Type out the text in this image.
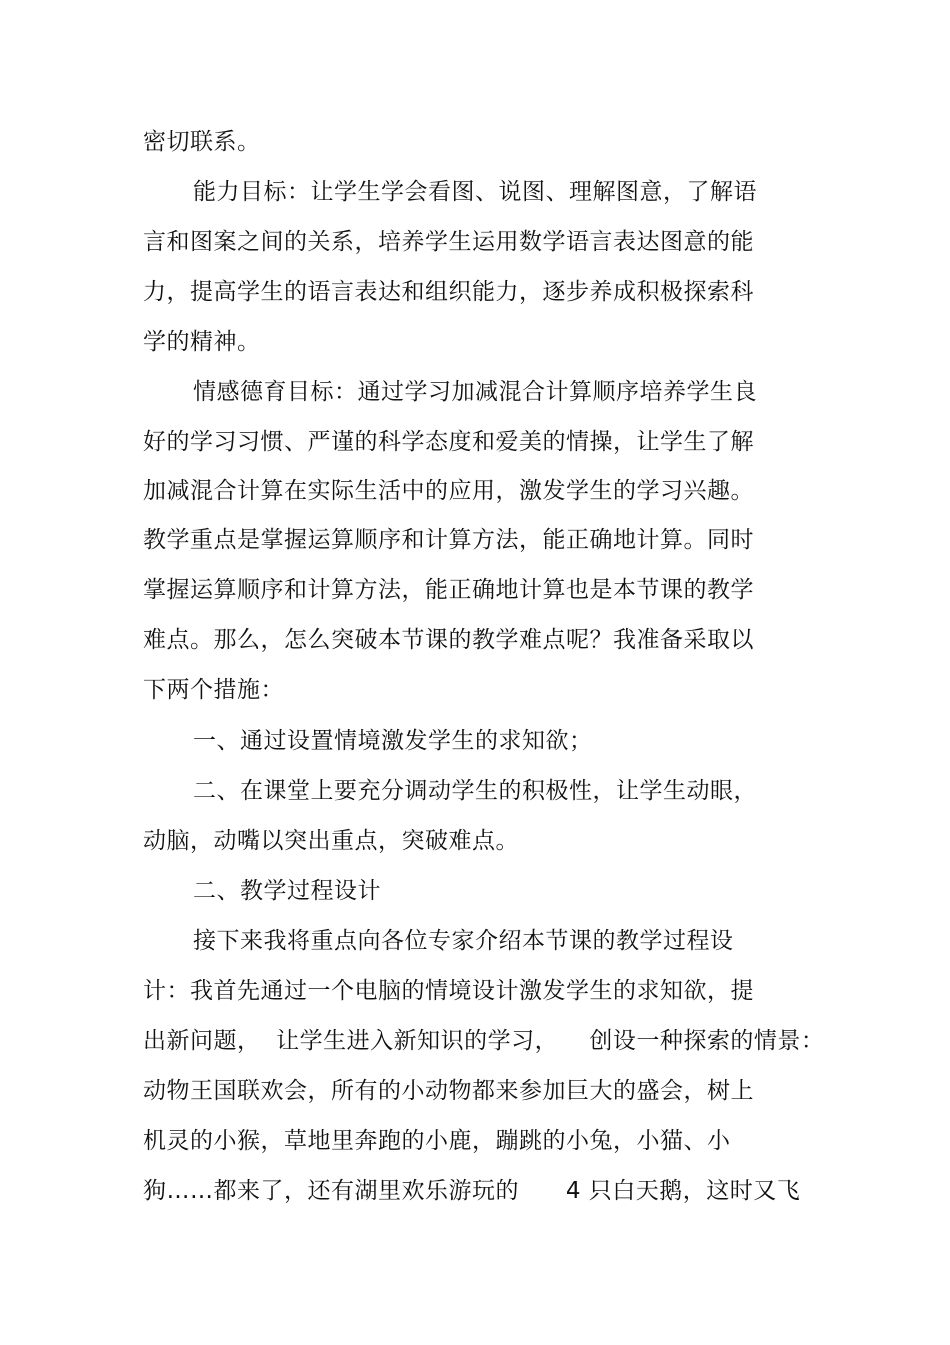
密切联系。
能力目标：让学生学会看图、说图、理解图意，了解语
言和图案之间的关系，培养学生运用数学语言表达图意的能
力，提高学生的语言表达和组织能力，逐步养成积极探索科
学的精神。
情感德育目标：通过学习加减混合计算顺序培养学生良
好的学习习惯、严谨的科学态度和爱美的情操，让学生了解
加减混合计算在实际生活中的应用，激发学生的学习兴趣。
教学重点是掌握运算顺序和计算方法，能正确地计算。同时
掌握运算顺序和计算方法，能正确地计算也是本节课的教学
难点。那么，怎么突破本节课的教学难点呢？我准备采取以
下两个措施：
一、通过设置情境激发学生的求知欲；
二、在课堂上要充分调动学生的积极性，让学生动眼，
动脑，动嘴以突出重点，突破难点。
二、教学过程设计
接下来我将重点向各位专家介绍本节课的教学过程设
计：我首先通过一个电脑的情境设计激发学生的求知欲，提
出新问题，  让学生进入新知识的学习，    创设一种探索的情景：
动物王国联欢会，所有的小动物都来参加巨大的盛会，树上
机灵的小猴，草地里奔跑的小鹿，蹦跳的小兔，小猫、小
狗……都来了，还有湖里欢乐游玩的      4 只白天鹅，这时又飞
